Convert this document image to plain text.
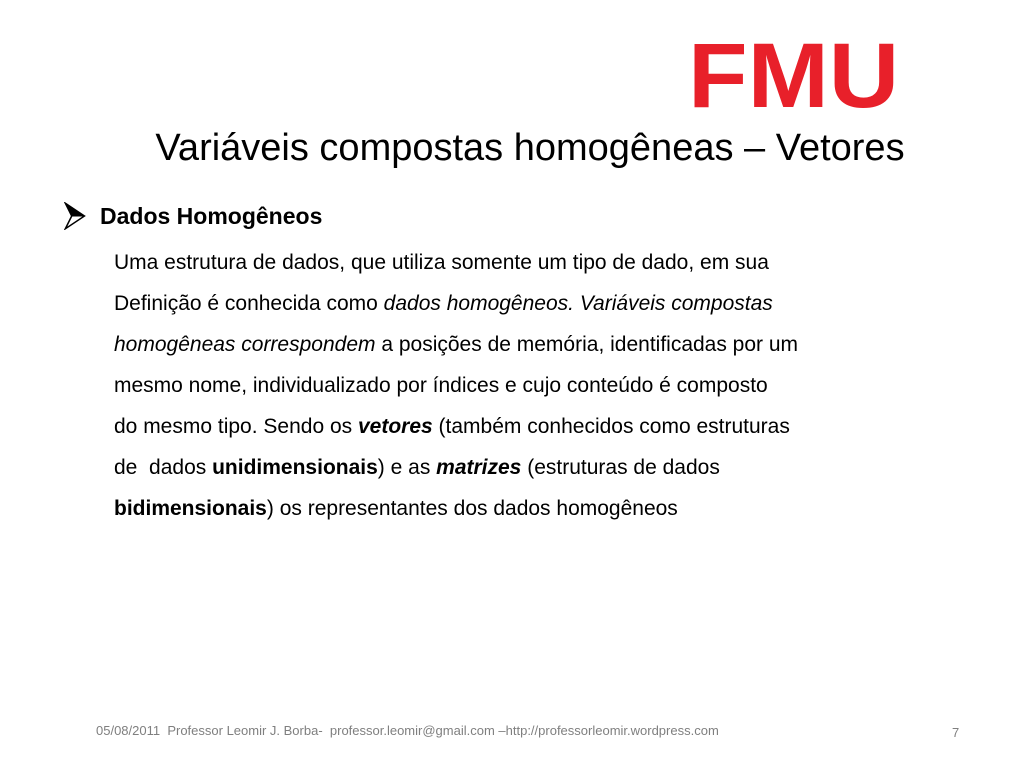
FMU
Variáveis compostas homogêneas – Vetores
Dados Homogêneos

Uma estrutura de dados, que utiliza somente um tipo de dado, em sua

Definição é conhecida como dados homogêneos. Variáveis compostas

homogêneas correspondem a posições de memória, identificadas por um

mesmo nome, individualizado por índices e cujo conteúdo é composto

do mesmo tipo. Sendo os vetores (também conhecidos como estruturas

de  dados unidimensionais) e as matrizes (estruturas de dados

bidimensionais) os representantes dos dados homogêneos

05/08/2011  Professor Leomir J. Borba-  professor.leomir@gmail.com –http://professorleomir.wordpress.com	7
